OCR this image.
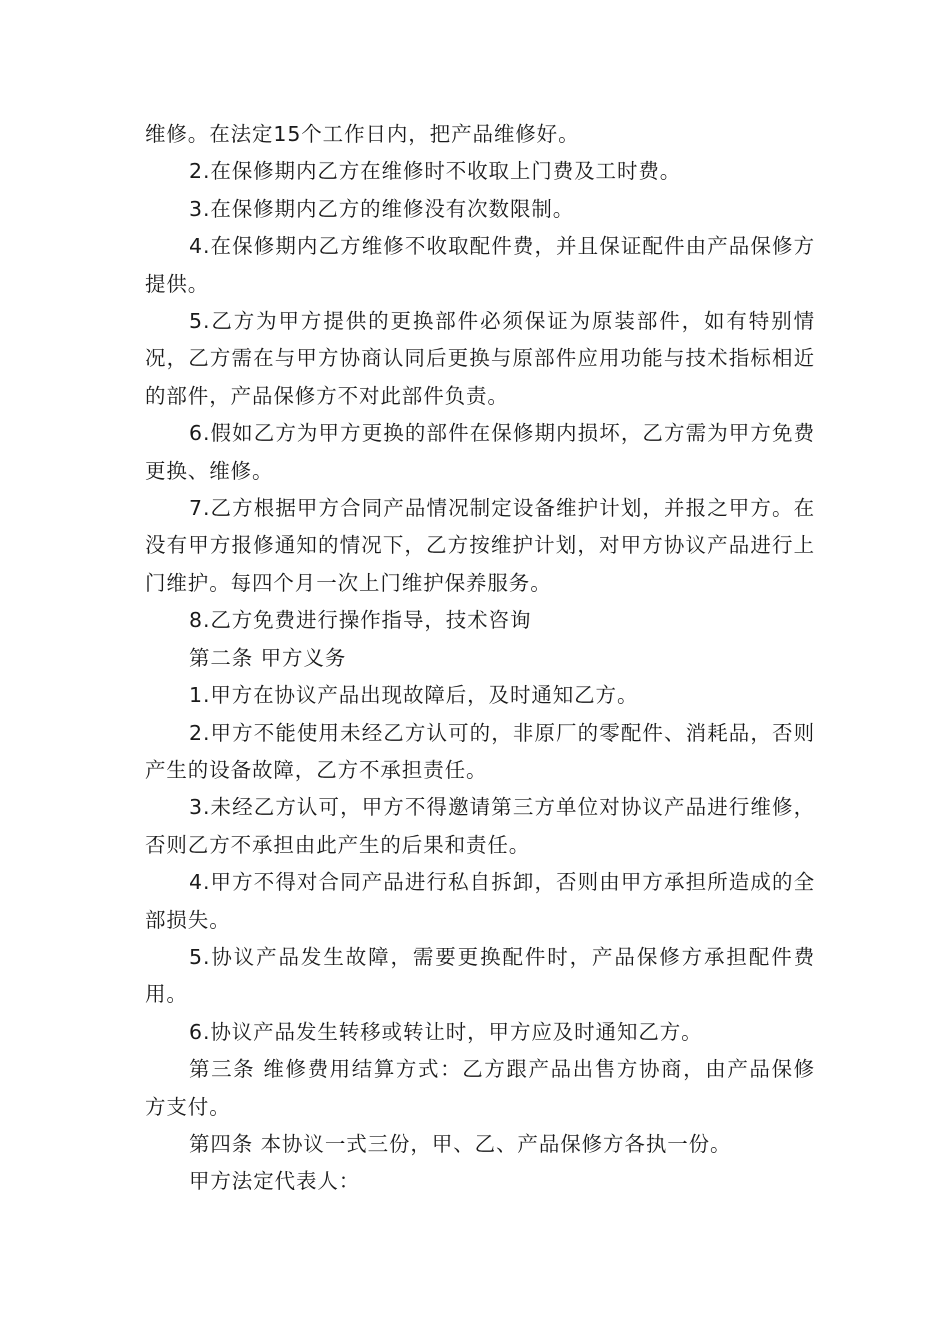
维修。在法定15个工作日内，把产品维修好。

2.在保修期内乙方在维修时不收取上门费及工时费。

3.在保修期内乙方的维修没有次数限制。

4.在保修期内乙方维修不收取配件费，并且保证配件由产品保修方提供。

5.乙方为甲方提供的更换部件必须保证为原装部件，如有特别情况，乙方需在与甲方协商认同后更换与原部件应用功能与技术指标相近的部件，产品保修方不对此部件负责。

6.假如乙方为甲方更换的部件在保修期内损坏，乙方需为甲方免费更换、维修。

7.乙方根据甲方合同产品情况制定设备维护计划，并报之甲方。在没有甲方报修通知的情况下，乙方按维护计划，对甲方协议产品进行上门维护。每四个月一次上门维护保养服务。

8.乙方免费进行操作指导，技术咨询

第二条 甲方义务

1.甲方在协议产品出现故障后，及时通知乙方。

2.甲方不能使用未经乙方认可的，非原厂的零配件、消耗品，否则产生的设备故障，乙方不承担责任。

3.未经乙方认可，甲方不得邀请第三方单位对协议产品进行维修，否则乙方不承担由此产生的后果和责任。

4.甲方不得对合同产品进行私自拆卸，否则由甲方承担所造成的全部损失。

5.协议产品发生故障，需要更换配件时，产品保修方承担配件费用。

6.协议产品发生转移或转让时，甲方应及时通知乙方。

第三条 维修费用结算方式：乙方跟产品出售方协商，由产品保修方支付。

第四条 本协议一式三份，甲、乙、产品保修方各执一份。

甲方法定代表人：
